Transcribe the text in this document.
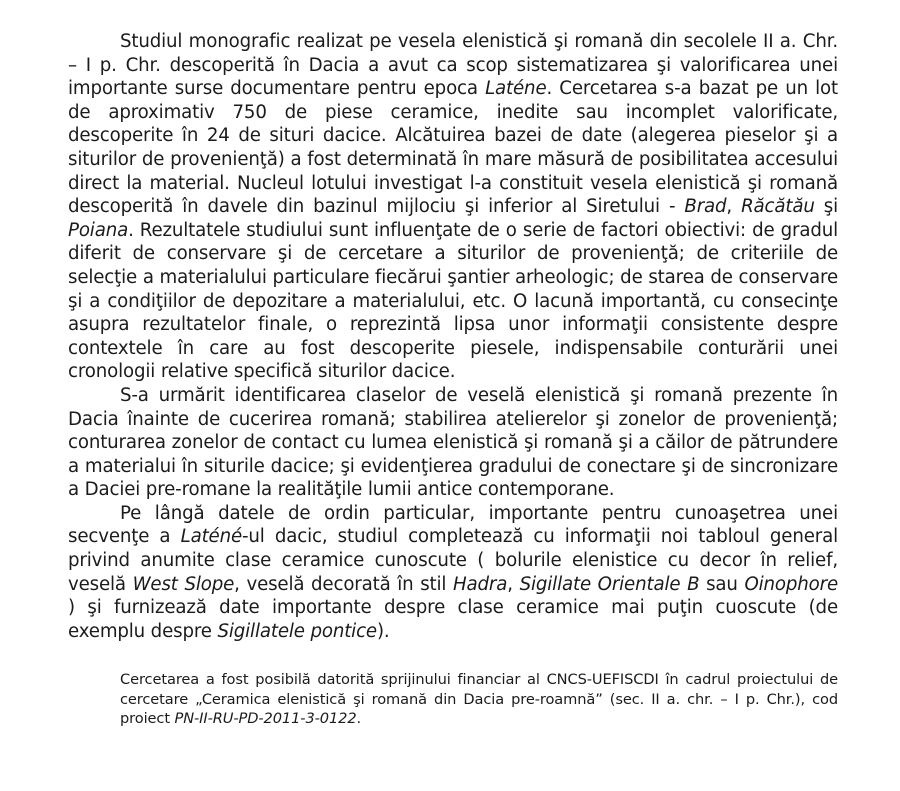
Studiul monografic realizat pe vesela elenistică şi romană din secolele II a. Chr. – I p. Chr. descoperită în Dacia a avut ca scop sistematizarea şi valorificarea unei importante surse documentare pentru epoca Laténe. Cercetarea s-a bazat pe un lot de aproximativ 750 de piese ceramice, inedite sau incomplet valorificate, descoperite în 24 de situri dacice. Alcătuirea bazei de date (alegerea pieselor şi a siturilor de provenienţă) a fost determinată în mare măsură de posibilitatea accesului direct la material. Nucleul lotului investigat l-a constituit vesela elenistică şi romană descoperită în davele din bazinul mijlociu şi inferior al Siretului - Brad, Răcătău şi Poiana. Rezultatele studiului sunt influenţate de o serie de factori obiectivi: de gradul diferit de conservare şi de cercetare a siturilor de provenienţă; de criteriile de selecţie a materialului particulare fiecărui şantier arheologic; de starea de conservare şi a condiţiilor de depozitare a materialului, etc. O lacună importantă, cu consecinţe asupra rezultatelor finale, o reprezintă lipsa unor informaţii consistente despre contextele în care au fost descoperite piesele, indispensabile conturării unei cronologii relative specifică siturilor dacice.

S-a urmărit identificarea claselor de veselă elenistică şi romană prezente în Dacia înainte de cucerirea romană; stabilirea atelierelor şi zonelor de provenienţă; conturarea zonelor de contact cu lumea elenistică şi romană şi a căilor de pătrundere a materialui în siturile dacice; şi evidenţierea gradului de conectare şi de sincronizare a Daciei pre-romane la realităţile lumii antice contemporane.

Pe lângă datele de ordin particular, importante pentru cunoaşetrea unei secvenţe a Laténé-ul dacic, studiul completează cu informaţii noi tabloul general privind anumite clase ceramice cunoscute ( bolurile elenistice cu decor în relief, veselă West Slope, veselă decorată în stil Hadra, Sigillate Orientale B sau Oinophore ) şi furnizează date importante despre clase ceramice mai puţin cuoscute (de exemplu despre Sigillatele pontice).

Cercetarea a fost posibilă datorită sprijinului financiar al CNCS-UEFISCDI în cadrul proiectului de cercetare „Ceramica elenistică şi romană din Dacia pre-roamnă” (sec. II a. chr. – I p. Chr.), cod proiect PN-II-RU-PD-2011-3-0122.
